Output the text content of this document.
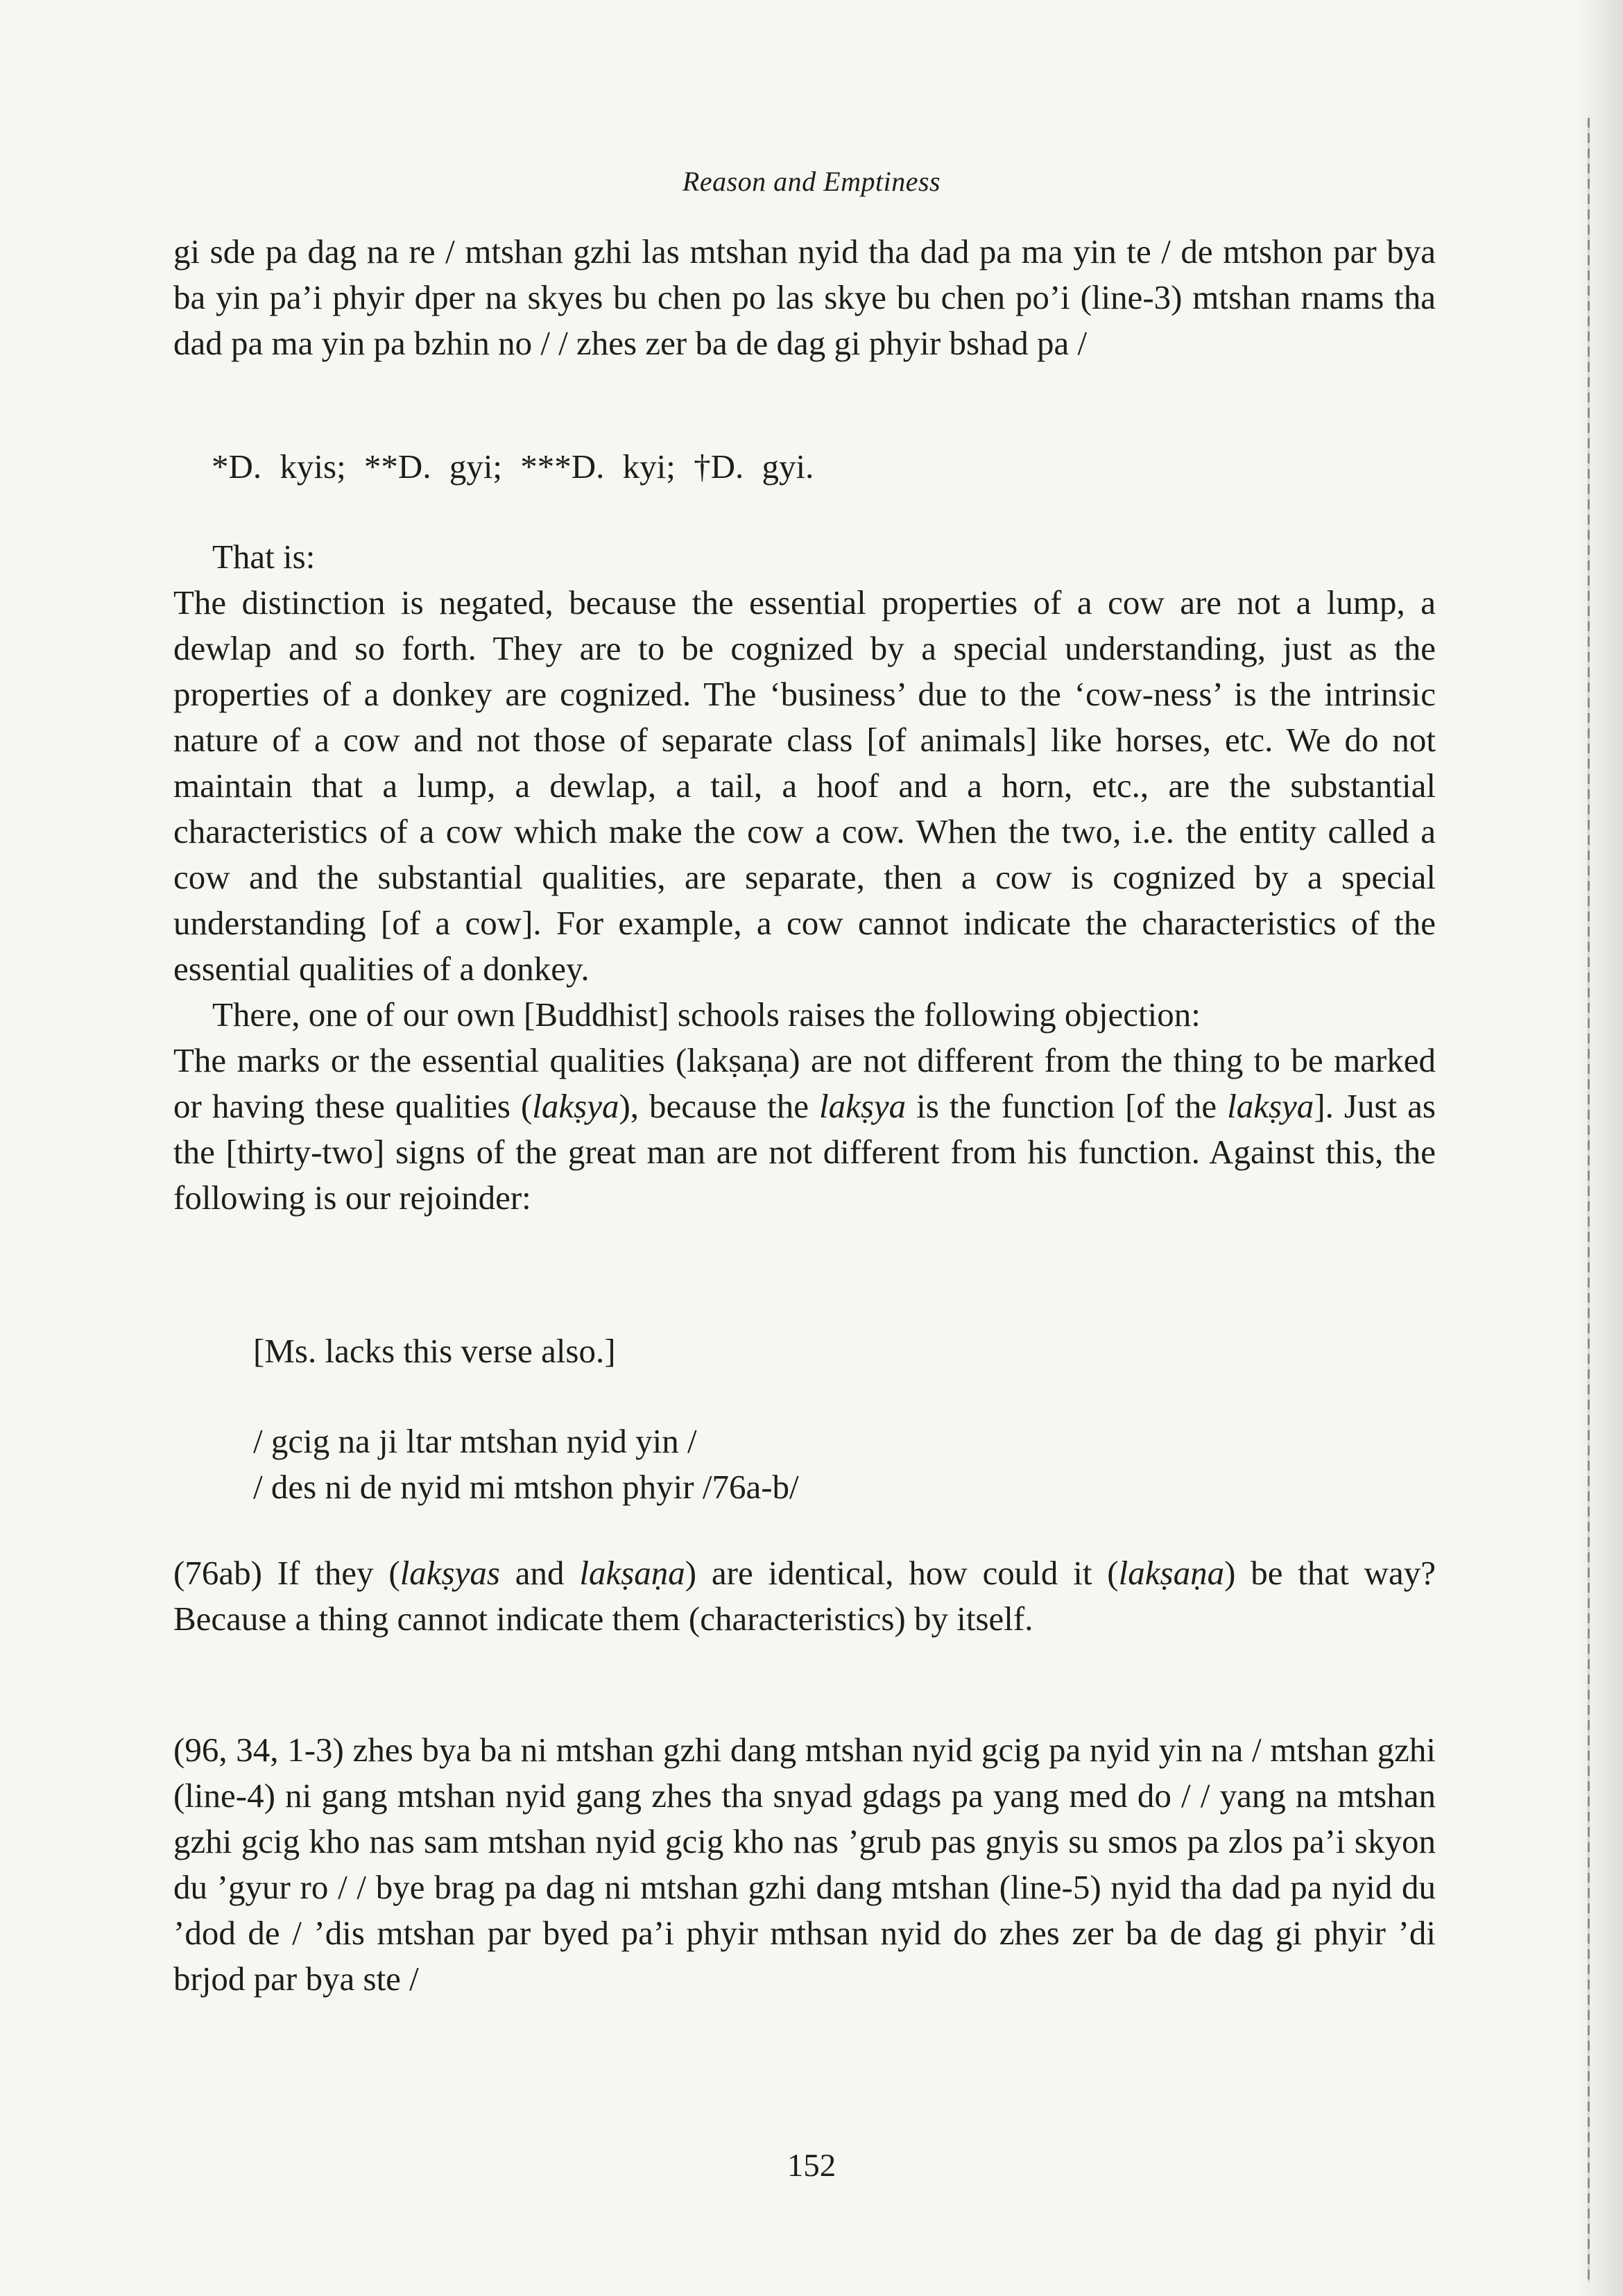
Reason and Emptiness

gi sde pa dag na re / mtshan gzhi las mtshan nyid tha dad pa ma yin te / de mtshon par bya ba yin pa’i phyir dper na skyes bu chen po las skye bu chen po’i (line-3) mtshan rnams tha dad pa ma yin pa bzhin no / / zhes zer ba de dag gi phyir bshad pa /

*D. kyis; **D. gyi; ***D. kyi; †D. gyi.

That is:

The distinction is negated, because the essential properties of a cow are not a lump, a dewlap and so forth. They are to be cognized by a special understanding, just as the properties of a donkey are cognized. The ‘business’ due to the ‘cow-ness’ is the intrinsic nature of a cow and not those of separate class [of animals] like horses, etc. We do not maintain that a lump, a dewlap, a tail, a hoof and a horn, etc., are the substantial characteristics of a cow which make the cow a cow. When the two, i.e. the entity called a cow and the substantial qualities, are separate, then a cow is cognized by a special understanding [of a cow]. For example, a cow cannot indicate the characteristics of the essential qualities of a donkey.

There, one of our own [Buddhist] schools raises the following objection:

The marks or the essential qualities (lakṣaṇa) are not different from the thing to be marked or having these qualities (lakṣya), because the lakṣya is the function [of the lakṣya]. Just as the [thirty-two] signs of the great man are not different from his function. Against this, the following is our rejoinder:

[Ms. lacks this verse also.]
/ gcig na ji ltar mtshan nyid yin /
/ des ni de nyid mi mtshon phyir /76a-b/

(76ab) If they (lakṣyas and lakṣaṇa) are identical, how could it (lakṣaṇa) be that way? Because a thing cannot indicate them (characteristics) by itself.

(96, 34, 1-3) zhes bya ba ni mtshan gzhi dang mtshan nyid gcig pa nyid yin na / mtshan gzhi (line-4) ni gang mtshan nyid gang zhes tha snyad gdags pa yang med do / / yang na mtshan gzhi gcig kho nas sam mtshan nyid gcig kho nas ’grub pas gnyis su smos pa zlos pa’i skyon du ’gyur ro / / bye brag pa dag ni mtshan gzhi dang mtshan (line-5) nyid tha dad pa nyid du ’dod de / ’dis mtshan par byed pa’i phyir mthsan nyid do zhes zer ba de dag gi phyir ’di brjod par bya ste /

152
